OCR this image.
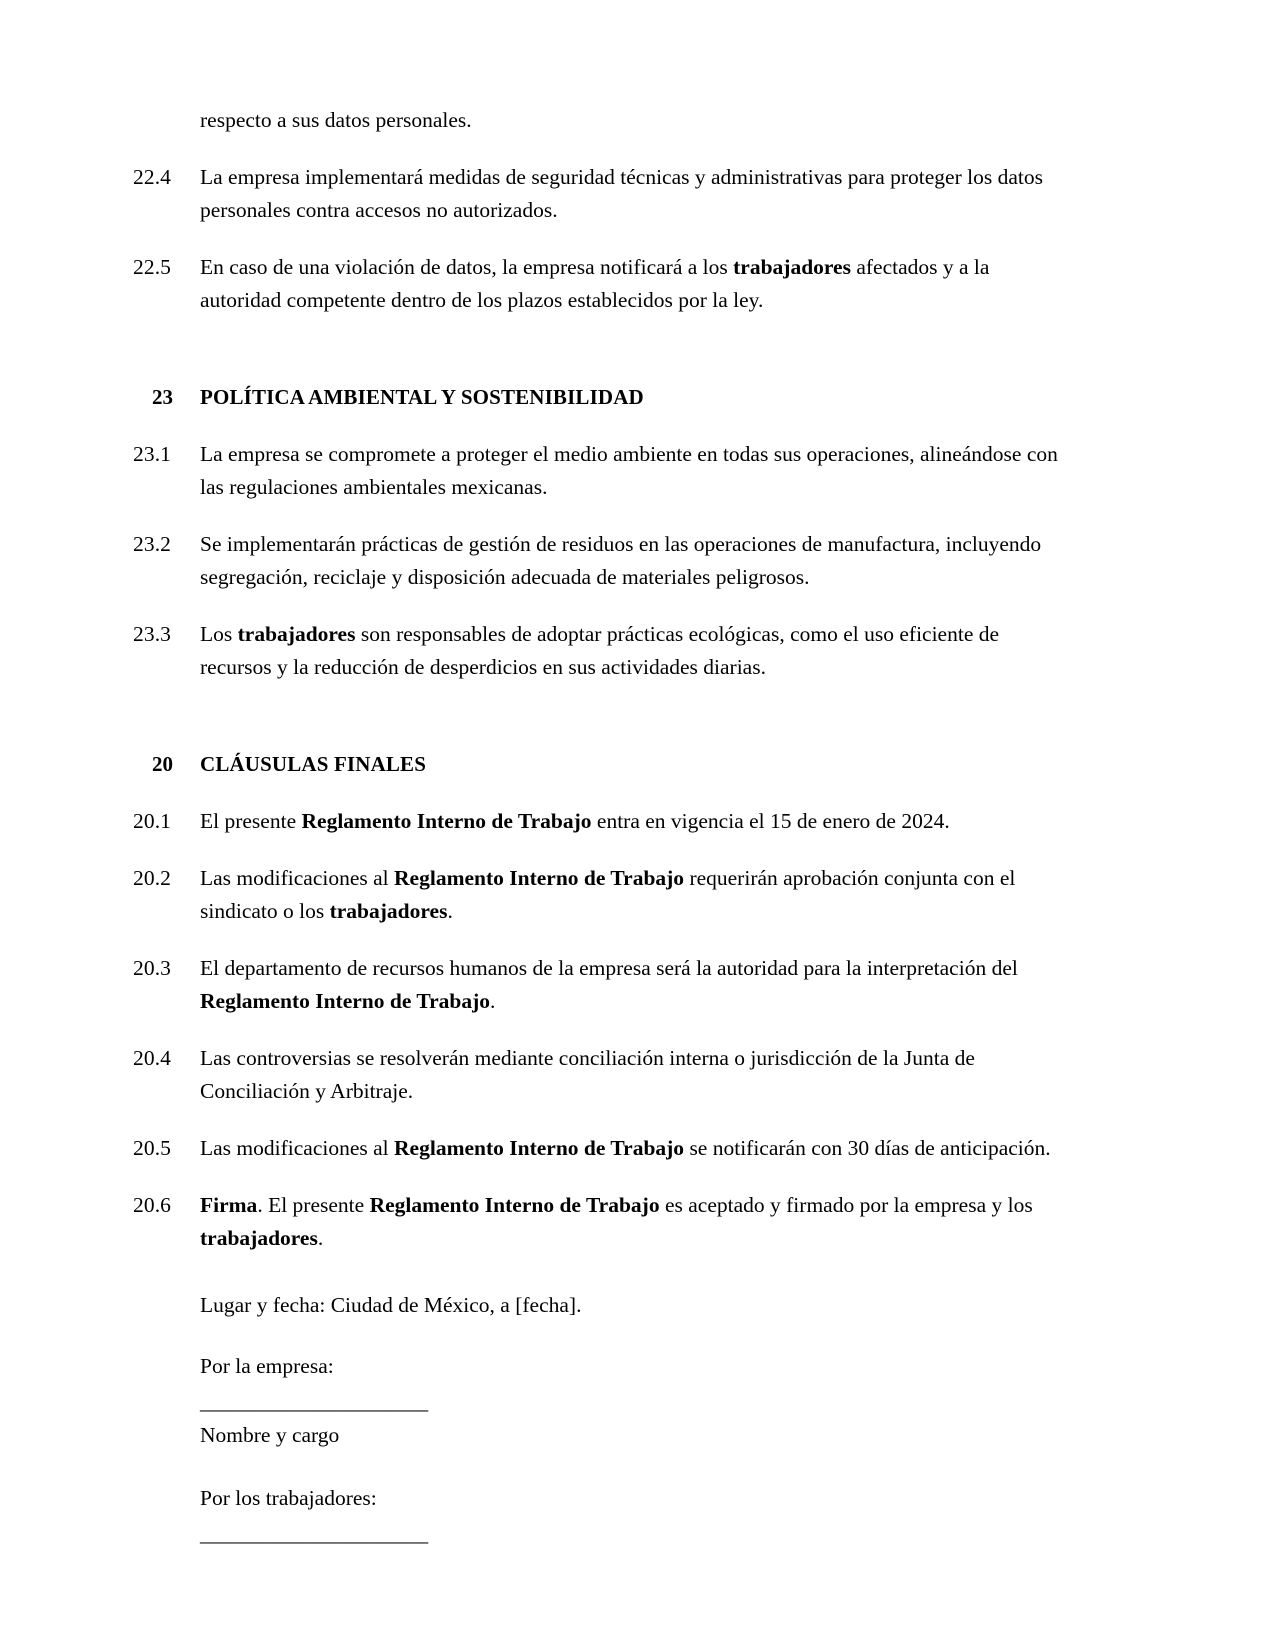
respecto a sus datos personales.

22.4	La empresa implementará medidas de seguridad técnicas y administrativas para proteger los datos personales contra accesos no autorizados.
22.5	En caso de una violación de datos, la empresa notificará a los trabajadores afectados y a la autoridad competente dentro de los plazos establecidos por la ley.
23	POLÍTICA AMBIENTAL Y SOSTENIBILIDAD
23.1	La empresa se compromete a proteger el medio ambiente en todas sus operaciones, alineándose con las regulaciones ambientales mexicanas.
23.2	Se implementarán prácticas de gestión de residuos en las operaciones de manufactura, incluyendo segregación, reciclaje y disposición adecuada de materiales peligrosos.
23.3	Los trabajadores son responsables de adoptar prácticas ecológicas, como el uso eficiente de recursos y la reducción de desperdicios en sus actividades diarias.
20	CLÁUSULAS FINALES
20.1	El presente Reglamento Interno de Trabajo entra en vigencia el 15 de enero de 2024.
20.2	Las modificaciones al Reglamento Interno de Trabajo requerirán aprobación conjunta con el sindicato o los trabajadores.
20.3	El departamento de recursos humanos de la empresa será la autoridad para la interpretación del Reglamento Interno de Trabajo.
20.4	Las controversias se resolverán mediante conciliación interna o jurisdicción de la Junta de Conciliación y Arbitraje.
20.5	Las modificaciones al Reglamento Interno de Trabajo se notificarán con 30 días de anticipación.
20.6	Firma. El presente Reglamento Interno de Trabajo es aceptado y firmado por la empresa y los trabajadores.
Lugar y fecha: Ciudad de México, a [fecha].
Por la empresa:
______________________
Nombre y cargo
Por los trabajadores:
______________________
